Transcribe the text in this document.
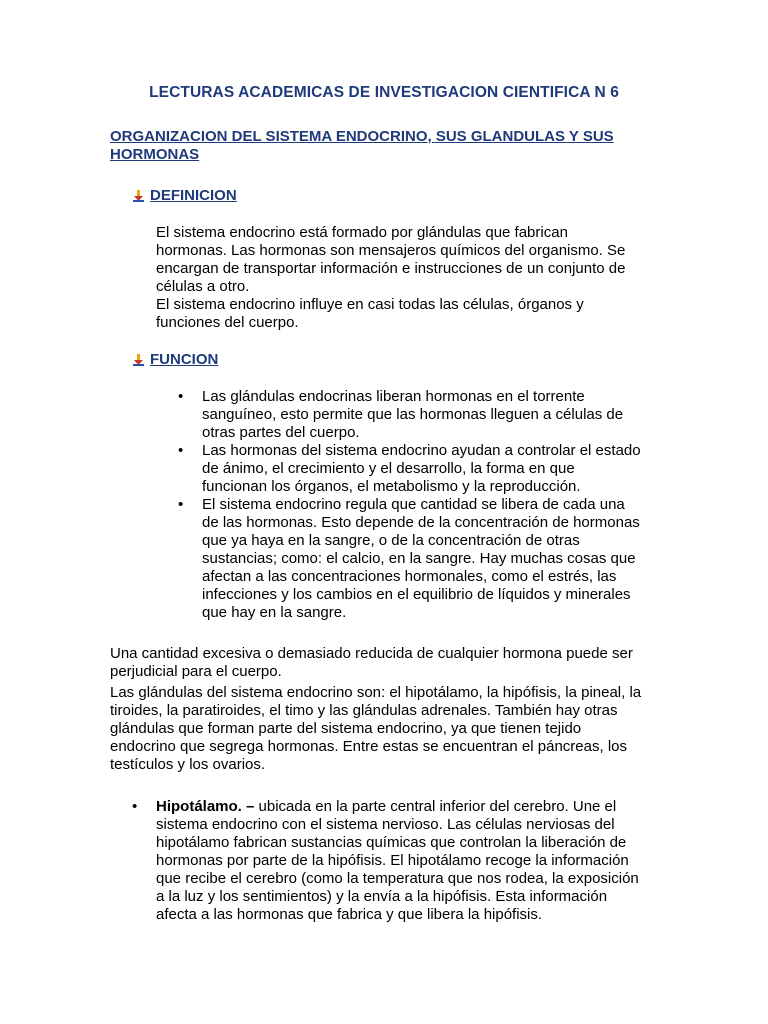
LECTURAS ACADEMICAS DE INVESTIGACION CIENTIFICA N 6
ORGANIZACION DEL SISTEMA ENDOCRINO, SUS GLANDULAS Y SUS
HORMONAS
DEFINICION
El sistema endocrino está formado por glándulas que fabrican
hormonas. Las hormonas son mensajeros químicos del organismo. Se
encargan de transportar información e instrucciones de un conjunto de
células a otro.
El sistema endocrino influye en casi todas las células, órganos y
funciones del cuerpo.
FUNCION
• Las glándulas endocrinas liberan hormonas en el torrente
sanguíneo, esto permite que las hormonas lleguen a células de
otras partes del cuerpo.
• Las hormonas del sistema endocrino ayudan a controlar el estado
de ánimo, el crecimiento y el desarrollo, la forma en que
funcionan los órganos, el metabolismo y la reproducción.
• El sistema endocrino regula que cantidad se libera de cada una
de las hormonas. Esto depende de la concentración de hormonas
que ya haya en la sangre, o de la concentración de otras
sustancias; como: el calcio, en la sangre. Hay muchas cosas que
afectan a las concentraciones hormonales, como el estrés, las
infecciones y los cambios en el equilibrio de líquidos y minerales
que hay en la sangre.
Una cantidad excesiva o demasiado reducida de cualquier hormona puede ser
perjudicial para el cuerpo.
Las glándulas del sistema endocrino son: el hipotálamo, la hipófisis, la pineal, la
tiroides, la paratiroides, el timo y las glándulas adrenales. También hay otras
glándulas que forman parte del sistema endocrino, ya que tienen tejido
endocrino que segrega hormonas. Entre estas se encuentran el páncreas, los
testículos y los ovarios.
• Hipotálamo. – ubicada en la parte central inferior del cerebro. Une el
sistema endocrino con el sistema nervioso. Las células nerviosas del
hipotálamo fabrican sustancias químicas que controlan la liberación de
hormonas por parte de la hipófisis. El hipotálamo recoge la información
que recibe el cerebro (como la temperatura que nos rodea, la exposición
a la luz y los sentimientos) y la envía a la hipófisis. Esta información
afecta a las hormonas que fabrica y que libera la hipófisis.
